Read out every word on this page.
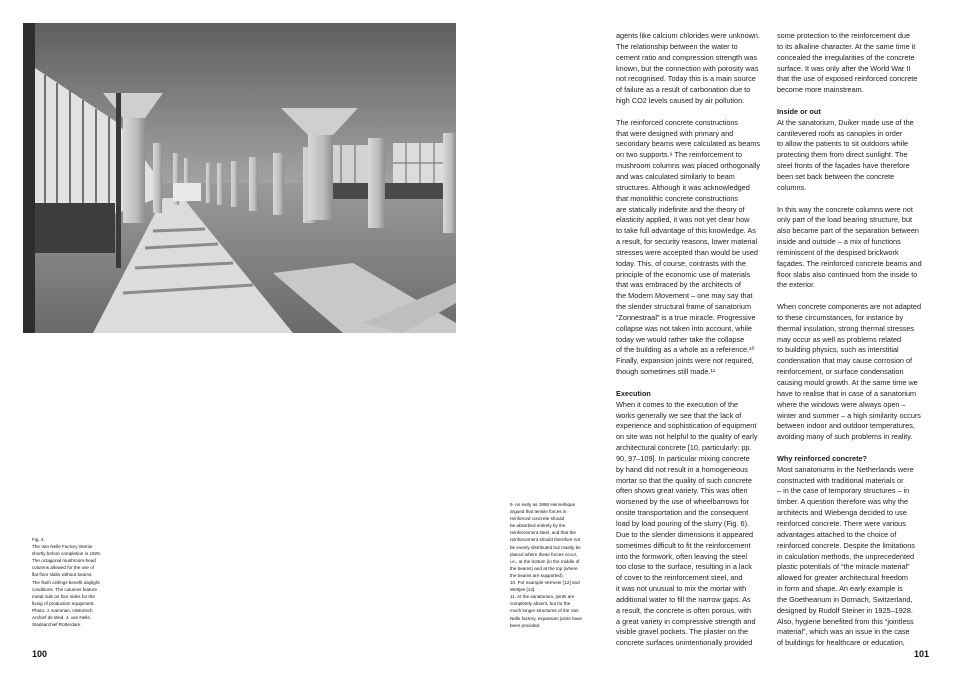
Fig. 4.

The Van Nelle Factory interior

shortly before completion in 1928.

The octagonal mushroom-head

columns allowed for the use of

flat floor slabs without beams.

The flush ceilings benefit daylight

conditions. The columns feature

metal rails on four sides for the

fixing of production equipment.

Photo: J. Kamman, Historisch

Archief de Wed. J. van Nelle,

Stadsarchief Rotterdam.

100

9. As early as 1886 Hennebique

argued that tensile forces in

reinforced concrete should

be absorbed entirely by the

reinforcement steel, and that the

reinforcement should therefore not

be evenly distributed but mainly be

placed where these forces occur,

i.e., at the bottom (in the middle of

the beams) and at the top (where

the beams are supported).

10. For example Vermeer [12] and

Wettjes [13].

11. At the sanatorium, joints are

completely absent, but for the

much longer structures of the Van

Nelle factory, expansion joints have

been provided.

agents like calcium chlorides were unknown.
The relationship between the water to
cement ratio and compression strength was
known, but the connection with porosity was
not recognised. Today this is a main source
of failure as a result of carbonation due to
high CO2 levels caused by air pollution.

The reinforced concrete constructions
that were designed with primary and
secondary beams were calculated as beams
on two supports.⁹ The reinforcement to
mushroom columns was placed orthogonally
and was calculated similarly to beam
structures. Although it was acknowledged
that monolithic concrete constructions
are statically indefinite and the theory of
elasticity applied, it was not yet clear how
to take full advantage of this knowledge. As
a result, for security reasons, lower material
stresses were accepted than would be used
today. This, of course, contrasts with the
principle of the economic use of materials
that was embraced by the architects of
the Modern Movement – one may say that
the slender structural frame of sanatorium
“Zonnestraal” is a true miracle. Progressive
collapse was not taken into account, while
today we would rather take the collapse
of the building as a whole as a reference.¹⁰
Finally, expansion joints were not required,
though sometimes still made.¹¹

Execution

When it comes to the execution of the
works generally we see that the lack of
experience and sophistication of equipment
on site was not helpful to the quality of early
architectural concrete [10, particularly: pp.
90, 97–109]. In particular mixing concrete
by hand did not result in a homogeneous
mortar so that the quality of such concrete
often shows great variety. This was often
worsened by the use of wheelbarrows for
onsite transportation and the consequent
load by load pouring of the slurry (Fig. 6).
Due to the slender dimensions it appeared
sometimes difficult to fit the reinforcement
into the formwork, often leaving the steel
too close to the surface, resulting in a lack
of cover to the reinforcement steel, and
it was not unusual to mix the mortar with
additional water to fill the narrow gaps. As
a result, the concrete is often porous, with
a great variety in compressive strength and
visible gravel pockets. The plaster on the
concrete surfaces unintentionally provided

some protection to the reinforcement due
to its alkaline character. At the same time it
concealed the irregularities of the concrete
surface. It was only after the World War II
that the use of exposed reinforced concrete
become more mainstream.

Inside or out

At the sanatorium, Duiker made use of the
cantilevered roofs as canopies in order
to allow the patients to sit outdoors while
protecting them from direct sunlight. The
steel fronts of the façades have therefore
been set back between the concrete
columns.

In this way the concrete columns were not
only part of the load bearing structure, but
also became part of the separation between
inside and outside – a mix of functions
reminiscent of the despised brickwork
façades. The reinforced concrete beams and
floor slabs also continued from the inside to
the exterior.

When concrete components are not adapted
to these circumstances, for instance by
thermal insulation, strong thermal stresses
may occur as well as problems related
to building physics, such as interstitial
condensation that may cause corrosion of
reinforcement, or surface condensation
causing mould growth. At the same time we
have to realise that in case of a sanatorium
where the windows were always open –
winter and summer – a high similarity occurs
between indoor and outdoor temperatures,
avoiding many of such problems in reality.

Why reinforced concrete?

Most sanatoriums in the Netherlands were
constructed with traditional materials or
– in the case of temporary structures – in
timber. A question therefore was why the
architects and Wiebenga decided to use
reinforced concrete. There were various
advantages attached to the choice of
reinforced concrete. Despite the limitations
in calculation methods, the unprecedented
plastic potentials of “the miracle material”
allowed for greater architectural freedom
in form and shape. An early example is
the Goetheanum in Dornach, Switzerland,
designed by Rudolf Steiner in 1925–1928.
Also, hygiene benefited from this “jointless
material”, which was an issue in the case
of buildings for healthcare or education,

101
